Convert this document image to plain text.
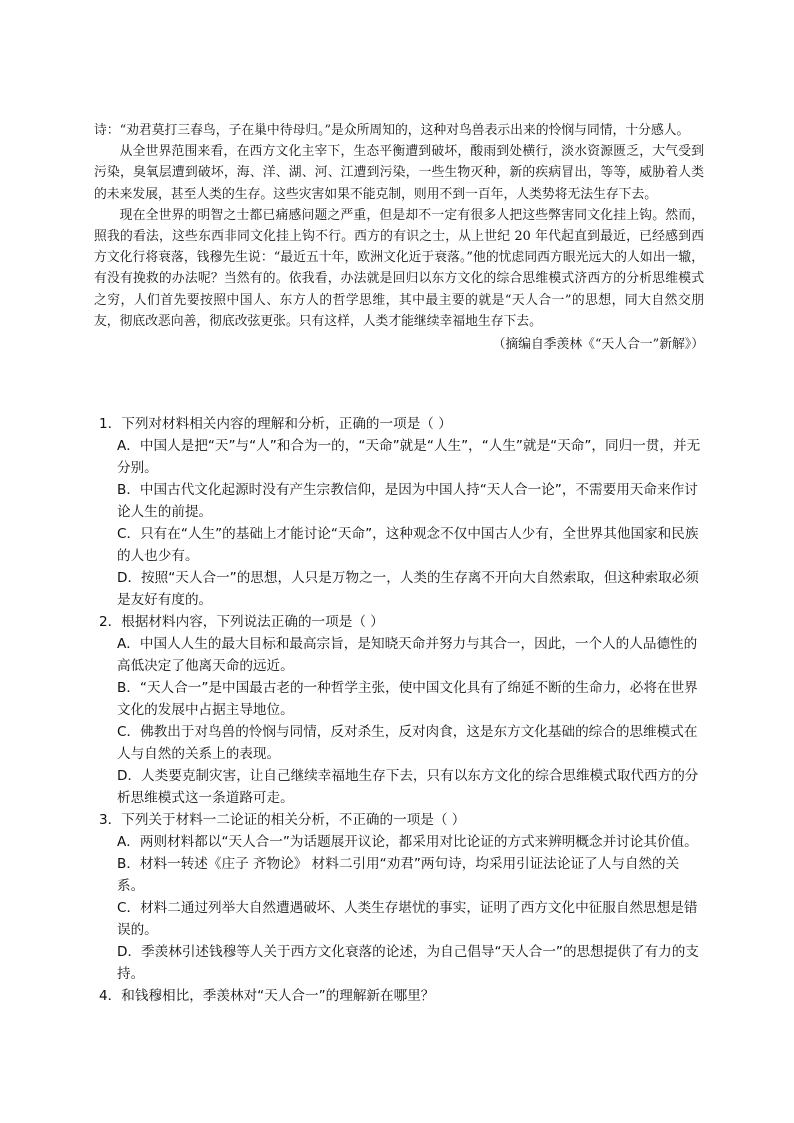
诗：“劝君莫打三春鸟，子在巢中待母归。”是众所周知的，这种对鸟兽表示出来的怜悯与同情，十分感人。

从全世界范围来看，在西方文化主宰下，生态平衡遭到破坏，酸雨到处横行，淡水资源匮乏，大气受到污染，臭氧层遭到破坏，海、洋、湖、河、江遭到污染，一些生物灭种，新的疾病冒出，等等，威胁着人类的未来发展，甚至人类的生存。这些灾害如果不能克制，则用不到一百年，人类势将无法生存下去。

现在全世界的明智之士都已痛感问题之严重，但是却不一定有很多人把这些弊害同文化挂上钩。然而，照我的看法，这些东西非同文化挂上钩不行。西方的有识之士，从上世纪 20 年代起直到最近，已经感到西方文化行将衰落，钱穆先生说：“最近五十年，欧洲文化近于衰落。”他的忧虑同西方眼光远大的人如出一辙，有没有挽救的办法呢？当然有的。依我看，办法就是回归以东方文化的综合思维模式济西方的分析思维模式之穷，人们首先要按照中国人、东方人的哲学思维，其中最主要的就是“天人合一”的思想，同大自然交朋友，彻底改恶向善，彻底改弦更张。只有这样，人类才能继续幸福地生存下去。

（摘编自季羡林《“天人合一”新解》）

1．下列对材料相关内容的理解和分析，正确的一项是（ ）

A．中国人是把“天”与“人”和合为一的，“天命”就是“人生”，“人生”就是“天命”，同归一贯，并无分别。

B．中国古代文化起源时没有产生宗教信仰，是因为中国人持“天人合一论”，不需要用天命来作讨论人生的前提。

C．只有在“人生”的基础上才能讨论“天命”，这种观念不仅中国古人少有，全世界其他国家和民族的人也少有。

D．按照“天人合一”的思想，人只是万物之一，人类的生存离不开向大自然索取，但这种索取必须是友好有度的。

2．根据材料内容，下列说法正确的一项是（ ）

A．中国人人生的最大目标和最高宗旨，是知晓天命并努力与其合一，因此，一个人的人品德性的高低决定了他离天命的远近。

B．“天人合一”是中国最古老的一种哲学主张，使中国文化具有了绵延不断的生命力，必将在世界文化的发展中占据主导地位。

C．佛教出于对鸟兽的怜悯与同情，反对杀生，反对肉食，这是东方文化基础的综合的思维模式在人与自然的关系上的表现。

D．人类要克制灾害，让自己继续幸福地生存下去，只有以东方文化的综合思维模式取代西方的分析思维模式这一条道路可走。

3．下列关于材料一二论证的相关分析，不正确的一项是（ ）

A．两则材料都以“天人合一”为话题展开议论，都采用对比论证的方式来辨明概念并讨论其价值。

B．材料一转述《庄子 齐物论》 材料二引用“劝君”两句诗，均采用引证法论证了人与自然的关系。

C．材料二通过列举大自然遭遇破坏、人类生存堪忧的事实，证明了西方文化中征服自然思想是错误的。

D．季羡林引述钱穆等人关于西方文化衰落的论述，为自己倡导“天人合一”的思想提供了有力的支持。

4．和钱穆相比，季羡林对“天人合一”的理解新在哪里？
